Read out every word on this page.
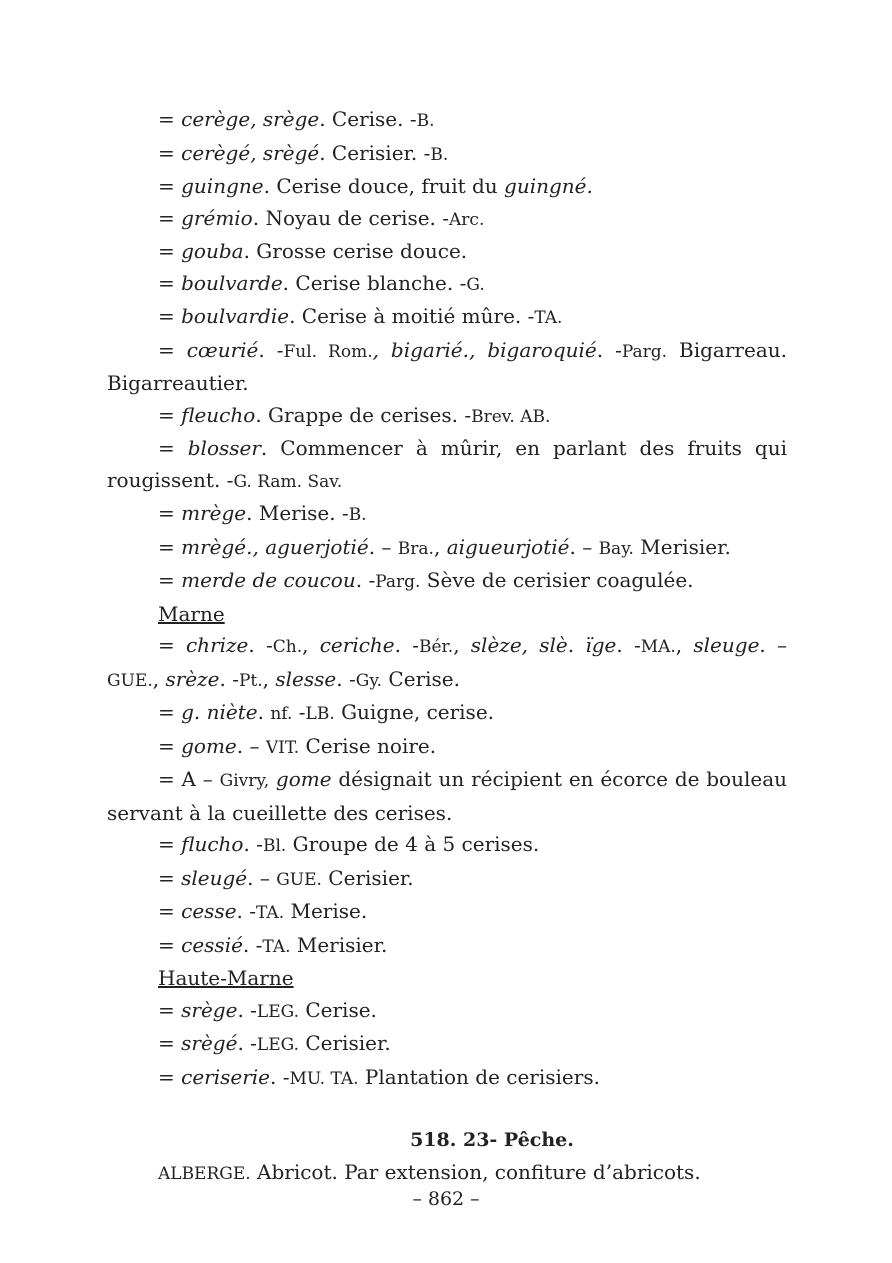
= cerège, srège. Cerise. -B.
= cerègé, srègé. Cerisier. -B.
= guingne. Cerise douce, fruit du guingné.
= grémio. Noyau de cerise. -Arc.
= gouba. Grosse cerise douce.
= boulvarde. Cerise blanche. -G.
= boulvardie. Cerise à moitié mûre. -TA.
= cœurié. -Ful. Rom., bigarié., bigaroquié. -Parg. Bigarreau. Bigarreautier.
= fleucho. Grappe de cerises. -Brev. AB.
= blosser. Commencer à mûrir, en parlant des fruits qui rougissent. -G. Ram. Sav.
= mrège. Merise. -B.
= mrègé., aguerjotié. – Bra., aigueurjotié. – Bay. Merisier.
= merde de coucou. -Parg. Sève de cerisier coagulée.
Marne
= chrize. -Ch., ceriche. -Bér., slèze, slè. ïge. -MA., sleuge. – GUE., srèze. -Pt., slesse. -Gy. Cerise.
= g. niète. nf. -LB. Guigne, cerise.
= gome. – VIT. Cerise noire.
= A – Givry, gome désignait un récipient en écorce de bouleau servant à la cueillette des cerises.
= flucho. -Bl. Groupe de 4 à 5 cerises.
= sleugé. – GUE. Cerisier.
= cesse. -TA. Merise.
= cessié. -TA. Merisier.
Haute-Marne
= srège. -LEG. Cerise.
= srègé. -LEG. Cerisier.
= ceriserie. -MU. TA. Plantation de cerisiers.
518. 23- Pêche.
ALBERGE. Abricot. Par extension, confiture d’abricots.
– 862 –
